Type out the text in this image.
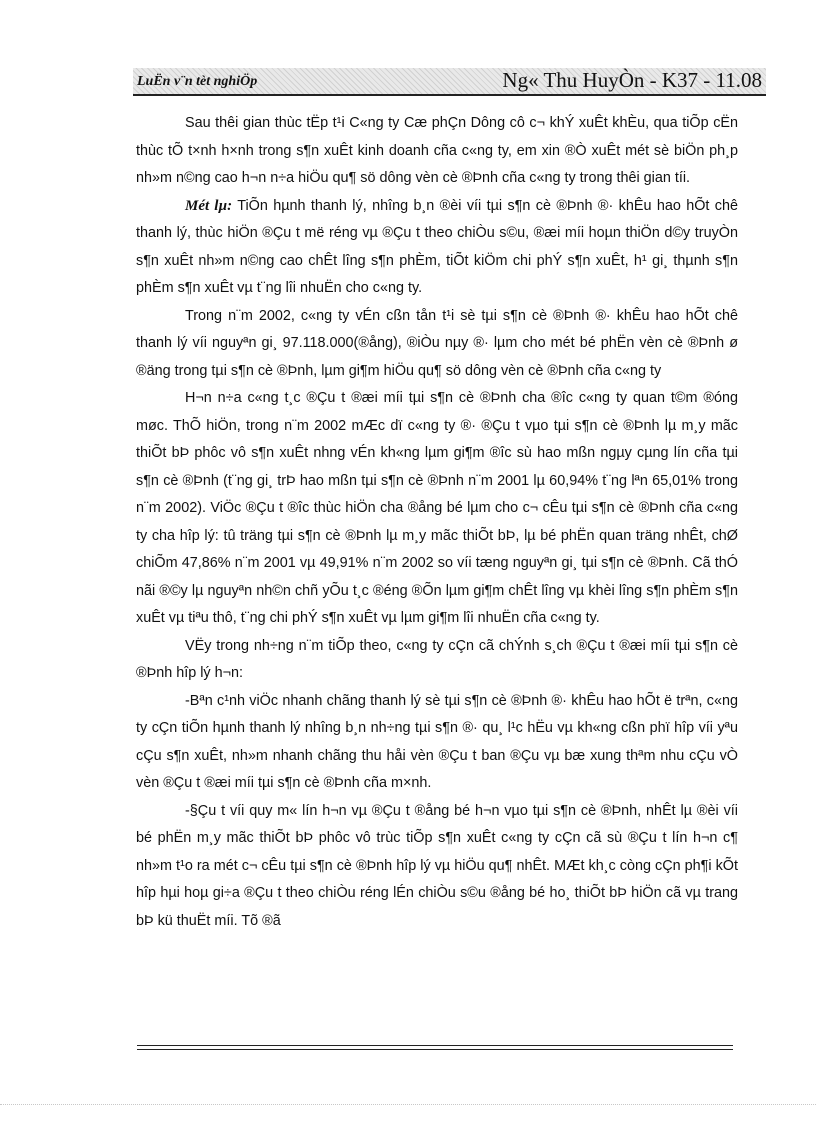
LuËn v¨n tèt nghiÖp	Ng« Thu HuyÒn - K37 - 11.08

Sau thêi gian thùc tËp t¹i C«ng ty Cæ phÇn Dông cô c¬ khÝ xuÊt khÈu, qua tiÕp cËn thùc tÕ t×nh h×nh trong s¶n xuÊt kinh doanh cña c«ng ty, em xin ®Ò xuÊt mét sè biÖn ph¸p nh»m n©ng cao h¬n n÷a hiÖu qu¶ sö dông vèn cè ®Þnh cña c«ng ty trong thêi gian tíi.

Mét lµ: TiÕn hµnh thanh lý, nhîng b¸n ®èi víi tµi s¶n cè ®Þnh ®· khÊu hao hÕt chê thanh lý, thùc hiÖn ®Çu t më réng vµ ®Çu t theo chiÒu s©u, ®æi míi hoµn thiÖn d©y truyÒn s¶n xuÊt nh»m n©ng cao chÊt lîng s¶n phÈm, tiÕt kiÖm chi phÝ s¶n xuÊt, h¹ gi¸ thµnh s¶n phÈm s¶n xuÊt vµ t¨ng lîi nhuËn cho c«ng ty.

Trong n¨m 2002, c«ng ty vÉn cßn tån t¹i sè tµi s¶n cè ®Þnh ®· khÊu hao hÕt chê thanh lý víi nguyªn gi¸ 97.118.000(®ång), ®iÒu nµy ®· lµm cho mét bé phËn vèn cè ®Þnh ø ®äng trong tµi s¶n cè ®Þnh, lµm gi¶m hiÖu qu¶ sö dông vèn cè ®Þnh cña c«ng ty

H¬n n÷a c«ng t¸c ®Çu t ®æi míi tµi s¶n cè ®Þnh cha ®îc c«ng ty quan t©m ®óng møc. ThÕ hiÖn, trong n¨m 2002 mÆc dï c«ng ty ®· ®Çu t vµo tµi s¶n cè ®Þnh lµ m¸y mãc thiÕt bÞ phôc vô s¶n xuÊt nhng vÉn kh«ng lµm gi¶m ®îc sù hao mßn ngµy cµng lín cña tµi s¶n cè ®Þnh (t¨ng gi¸ trÞ hao mßn tµi s¶n cè ®Þnh n¨m 2001 lµ 60,94% t¨ng lªn 65,01% trong n¨m 2002). ViÖc ®Çu t ®îc thùc hiÖn cha ®ång bé lµm cho c¬ cÊu tµi s¶n cè ®Þnh cña c«ng ty cha hîp lý: tû träng tµi s¶n cè ®Þnh lµ m¸y mãc thiÕt bÞ, lµ bé phËn quan träng nhÊt, chØ chiÕm 47,86% n¨m 2001 vµ 49,91% n¨m 2002 so víi tæng nguyªn gi¸ tµi s¶n cè ®Þnh. Cã thÓ nãi ®©y lµ nguyªn nh©n chñ yÕu t¸c ®éng ®Õn lµm gi¶m chÊt lîng vµ khèi lîng s¶n phÈm s¶n xuÊt vµ tiªu thô, t¨ng chi phÝ s¶n xuÊt vµ lµm gi¶m lîi nhuËn cña c«ng ty.

VËy trong nh÷ng n¨m tiÕp theo, c«ng ty cÇn cã chÝnh s¸ch ®Çu t ®æi míi tµi s¶n cè ®Þnh hîp lý h¬n:

-Bªn c¹nh viÖc nhanh chãng thanh lý sè tµi s¶n cè ®Þnh ®· khÊu hao hÕt ë trªn, c«ng ty cÇn tiÕn hµnh thanh lý nhîng b¸n nh÷ng tµi s¶n ®· qu¸ l¹c hËu vµ kh«ng cßn phï hîp víi yªu cÇu s¶n xuÊt, nh»m nhanh chãng thu håi vèn ®Çu t ban ®Çu vµ bæ xung thªm nhu cÇu vÒ vèn ®Çu t ®æi míi tµi s¶n cè ®Þnh cña m×nh.

-§Çu t víi quy m« lín h¬n vµ ®Çu t ®ång bé h¬n vµo tµi s¶n cè ®Þnh, nhÊt lµ ®èi víi bé phËn m¸y mãc thiÕt bÞ phôc vô trùc tiÕp s¶n xuÊt c«ng ty cÇn cã sù ®Çu t lín h¬n c¶ nh»m t¹o ra mét c¬ cÊu tµi s¶n cè ®Þnh hîp lý vµ hiÖu qu¶ nhÊt. MÆt kh¸c còng cÇn ph¶i kÕt hîp hµi hoµ gi÷a ®Çu t theo chiÒu réng lÉn chiÒu s©u ®ång bé ho¸ thiÕt bÞ hiÖn cã vµ trang bÞ kü thuËt míi. Tõ ®ã
